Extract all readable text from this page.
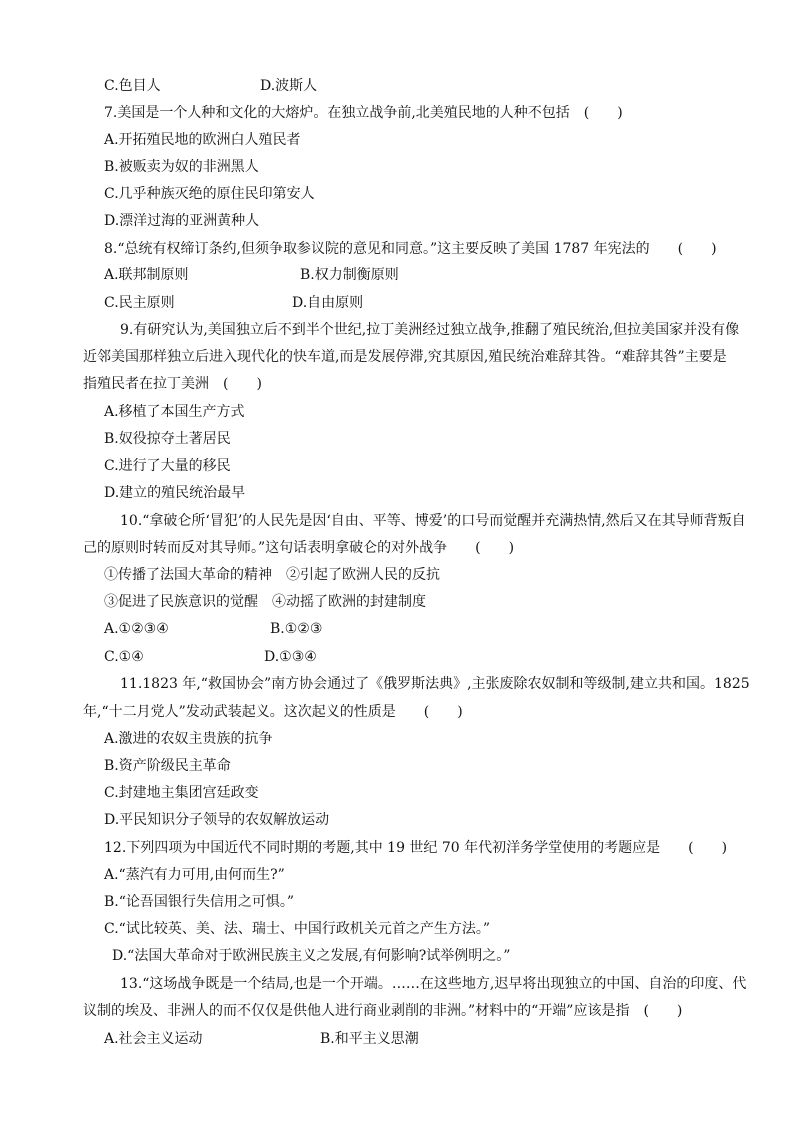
C.色目人	D.波斯人
7.美国是一个人种和文化的大熔炉。在独立战争前,北美殖民地的人种不包括　(　　)
A.开拓殖民地的欧洲白人殖民者
B.被贩卖为奴的非洲黑人
C.几乎种族灭绝的原住民印第安人
D.漂洋过海的亚洲黄种人
8.“总统有权缔订条约,但须争取参议院的意见和同意。”这主要反映了美国 1787 年宪法的　　(　　)
A.联邦制原则	B.权力制衡原则
C.民主原则	D.自由原则
9.有研究认为,美国独立后不到半个世纪,拉丁美洲经过独立战争,推翻了殖民统治,但拉美国家并没有像
近邻美国那样独立后进入现代化的快车道,而是发展停滞,究其原因,殖民统治难辞其咎。“难辞其咎”主要是
指殖民者在拉丁美洲　(　　)
A.移植了本国生产方式
B.奴役掠夺土著居民
C.进行了大量的移民
D.建立的殖民统治最早
10.“拿破仑所‘冒犯’的人民先是因‘自由、平等、博爱’的口号而觉醒并充满热情,然后又在其导师背叛自
己的原则时转而反对其导师。”这句话表明拿破仑的对外战争　　(　　)
①传播了法国大革命的精神　②引起了欧洲人民的反抗
③促进了民族意识的觉醒　④动摇了欧洲的封建制度
A.①②③④	B.①②③
C.①④	D.①③④
11.1823 年,“救国协会”南方协会通过了《俄罗斯法典》,主张废除农奴制和等级制,建立共和国。1825
年,“十二月党人”发动武装起义。这次起义的性质是　　(　　)
A.激进的农奴主贵族的抗争
B.资产阶级民主革命
C.封建地主集团宫廷政变
D.平民知识分子领导的农奴解放运动
12.下列四项为中国近代不同时期的考题,其中 19 世纪 70 年代初洋务学堂使用的考题应是　　(　　)
A.“蒸汽有力可用,由何而生?”
B.“论吾国银行失信用之可惧。”
C.“试比较英、美、法、瑞士、中国行政机关元首之产生方法。”
D.“法国大革命对于欧洲民族主义之发展,有何影响?试举例明之。”
13.“这场战争既是一个结局,也是一个开端。……在这些地方,迟早将出现独立的中国、自治的印度、代
议制的埃及、非洲人的而不仅仅是供他人进行商业剥削的非洲。”材料中的“开端”应该是指　(　　)
A.社会主义运动	B.和平主义思潮
